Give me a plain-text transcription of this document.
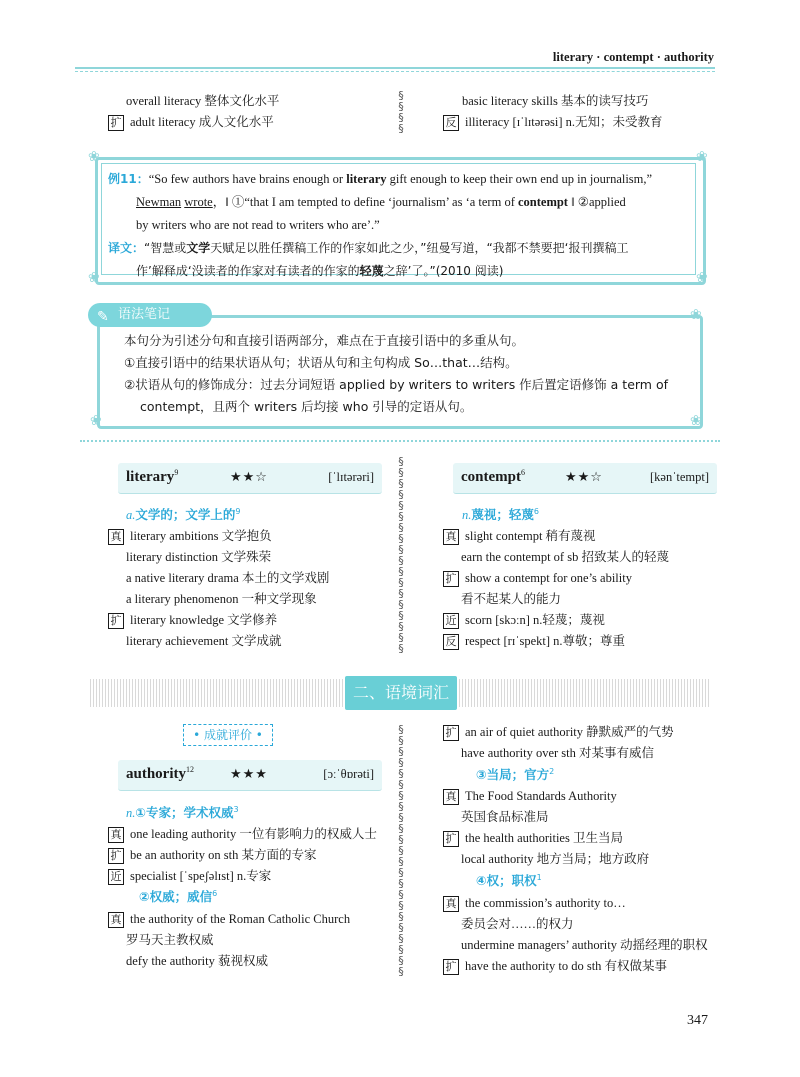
literary · contempt · authority
overall literacy 整体文化水平
扩 adult literacy 成人文化水平
§
§
§
§
basic literacy skills 基本的读写技巧
反 illiteracy [ɪˈlɪtərəsi] n.无知；未受教育
❀	❀
❀	❀
例11：“So few authors have brains enough or literary gift enough to keep their own end up in journalism,”
Newman wrote，‖ ①“that I am tempted to define ‘journalism’ as ‘a term of contempt ‖ ②applied
by writers who are not read to writers who are’.”
译文：“智慧或文学天赋足以胜任撰稿工作的作家如此之少，”纽曼写道，“我都不禁要把‘报刊撰稿工
作’解释成‘没读者的作家对有读者的作家的轻蔑之辞’了。”(2010 阅读)
❀
❀	❀
✎ 语法笔记
本句分为引述分句和直接引语两部分，难点在于直接引语中的多重从句。
①直接引语中的结果状语从句；状语从句和主句构成 So…that…结构。
②状语从句的修饰成分：过去分词短语 applied by writers to writers 作后置定语修饰 a term of
contempt，且两个 writers 后均接 who 引导的定语从句。
literary$^9$	★★☆	[ˈlɪtərəri]
a.文学的；文学上的$^9$
真 literary ambitions 文学抱负
literary distinction 文学殊荣
a native literary drama 本土的文学戏剧
a literary phenomenon 一种文学现象
扩 literary knowledge 文学修养
literary achievement 文学成就
§
§
§
§
§
§
§
§
§
§
§
§
§
§
§
§
§
§
contempt$^6$	★★☆	[kənˈtempt]
n.蔑视；轻蔑$^6$
真 slight contempt 稍有蔑视
earn the contempt of sb 招致某人的轻蔑
扩 show a contempt for one’s ability
看不起某人的能力
近 scorn [skɔːn] n.轻蔑；蔑视
反 respect [rɪˈspekt] n.尊敬；尊重
二、语境词汇
• 成就评价 •
authority$^{12}$	★★★	[ɔːˈθɒrəti]
n.①专家；学术权威$^3$
真 one leading authority 一位有影响力的权威人士
扩 be an authority on sth 某方面的专家
近 specialist [ˈspeʃəlɪst] n.专家
②权威；威信$^6$
真 the authority of the Roman Catholic Church
罗马天主教权威
defy the authority 藐视权威
§
§
§
§
§
§
§
§
§
§
§
§
§
§
§
§
§
§
§
§
§
§
§
扩 an air of quiet authority 静默威严的气势
have authority over sth 对某事有威信
③当局；官方$^2$
真 The Food Standards Authority
英国食品标准局
扩 the health authorities 卫生当局
local authority 地方当局；地方政府
④权；职权$^1$
真 the commission’s authority to…
委员会对……的权力
undermine managers’ authority 动摇经理的职权
扩 have the authority to do sth 有权做某事
347
